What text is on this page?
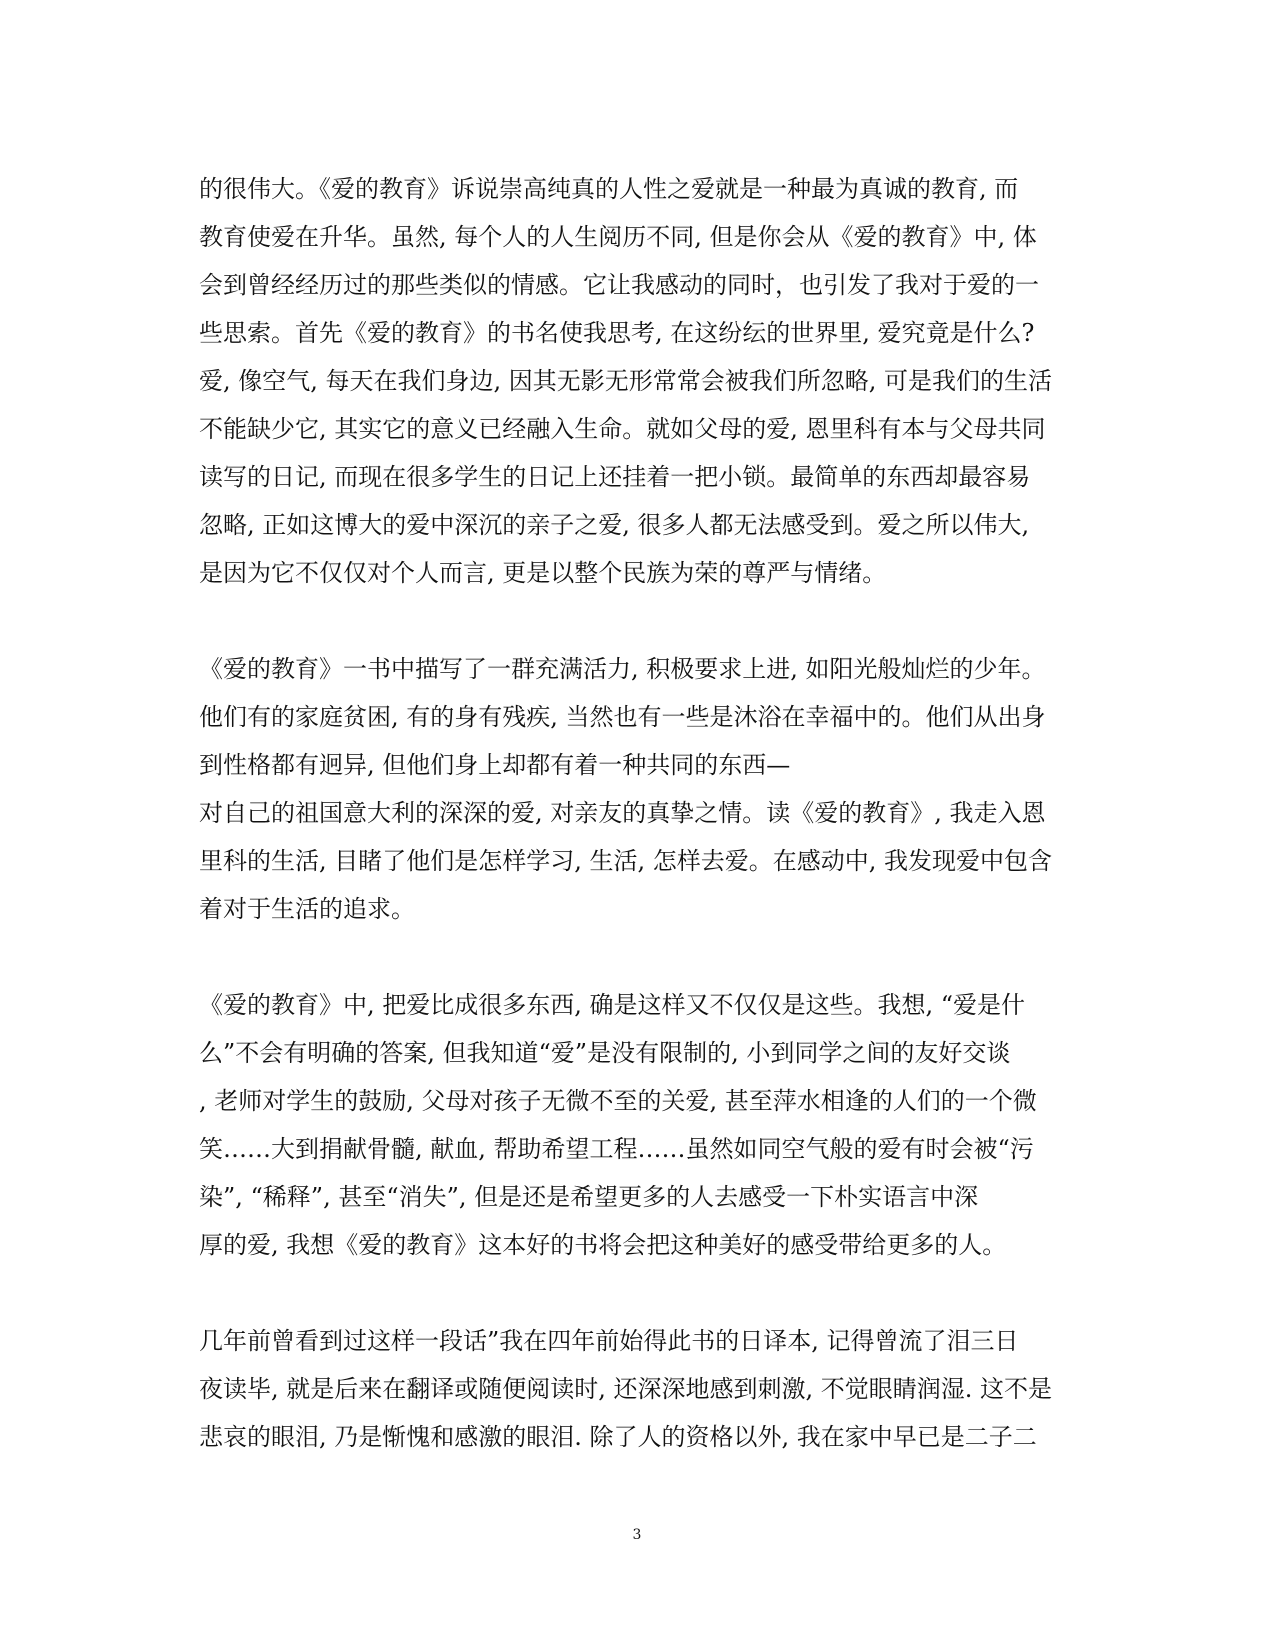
的很伟大。《爱的教育》诉说崇高纯真的人性之爱就是一种最为真诚的教育, 而
教育使爱在升华。虽然, 每个人的人生阅历不同, 但是你会从《爱的教育》中, 体
会到曾经经历过的那些类似的情感。它让我感动的同时，也引发了我对于爱的一
些思索。首先《爱的教育》的书名使我思考, 在这纷纭的世界里, 爱究竟是什么?
爱, 像空气, 每天在我们身边, 因其无影无形常常会被我们所忽略, 可是我们的生活
不能缺少它, 其实它的意义已经融入生命。就如父母的爱, 恩里科有本与父母共同
读写的日记, 而现在很多学生的日记上还挂着一把小锁。最简单的东西却最容易
忽略, 正如这博大的爱中深沉的亲子之爱, 很多人都无法感受到。爱之所以伟大,
是因为它不仅仅对个人而言, 更是以整个民族为荣的尊严与情绪。
《爱的教育》一书中描写了一群充满活力, 积极要求上进, 如阳光般灿烂的少年。
他们有的家庭贫困, 有的身有残疾, 当然也有一些是沐浴在幸福中的。他们从出身
到性格都有迥异, 但他们身上却都有着一种共同的东西—
对自己的祖国意大利的深深的爱, 对亲友的真挚之情。读《爱的教育》, 我走入恩
里科的生活, 目睹了他们是怎样学习, 生活, 怎样去爱。在感动中, 我发现爱中包含
着对于生活的追求。
《爱的教育》中, 把爱比成很多东西, 确是这样又不仅仅是这些。我想, “爱是什
么”不会有明确的答案, 但我知道“爱”是没有限制的, 小到同学之间的友好交谈
, 老师对学生的鼓励, 父母对孩子无微不至的关爱, 甚至萍水相逢的人们的一个微
笑……大到捐献骨髓, 献血, 帮助希望工程……虽然如同空气般的爱有时会被“污
染”, “稀释”, 甚至“消失”, 但是还是希望更多的人去感受一下朴实语言中深
厚的爱, 我想《爱的教育》这本好的书将会把这种美好的感受带给更多的人。
几年前曾看到过这样一段话”我在四年前始得此书的日译本, 记得曾流了泪三日
夜读毕, 就是后来在翻译或随便阅读时, 还深深地感到刺激, 不觉眼睛润湿. 这不是
悲哀的眼泪, 乃是惭愧和感激的眼泪. 除了人的资格以外, 我在家中早已是二子二
3
